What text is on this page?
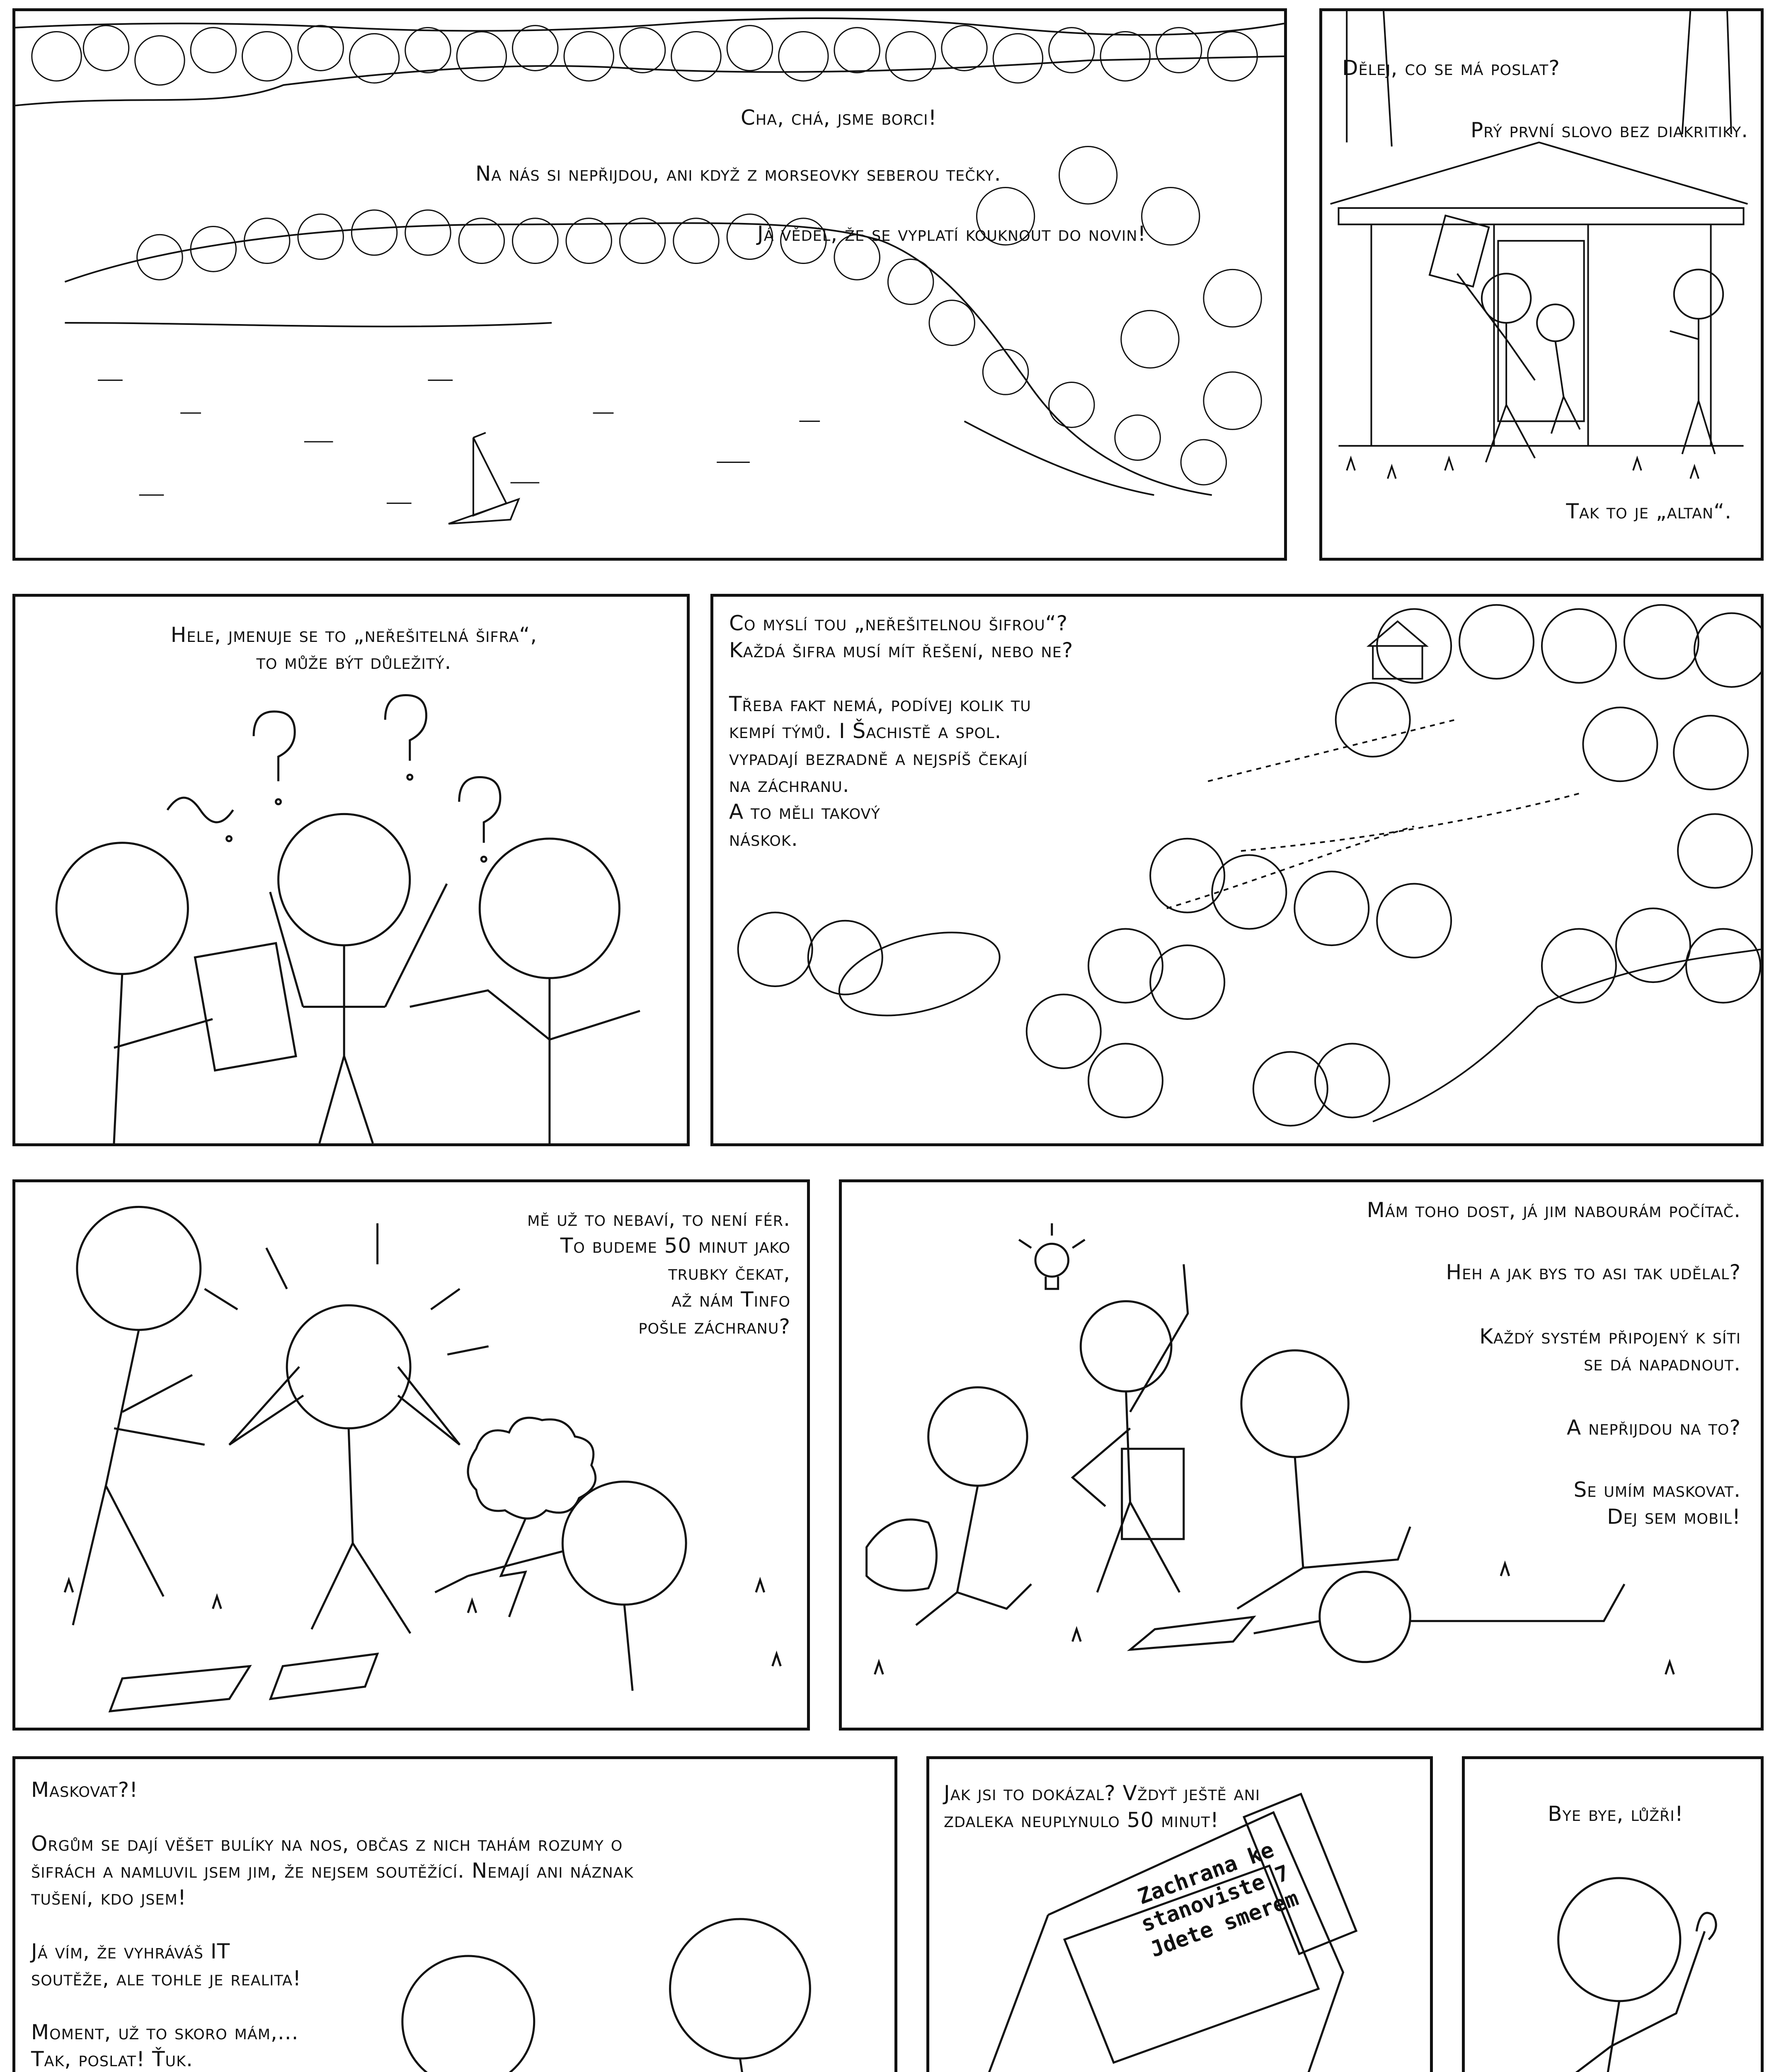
Cha, chá, jsme borci!
Na nás si nepřijdou, ani když z morseovky seberou tečky.
Já věděl, že se vyplatí kouknout do novin!
Dělej, co se má poslat?
Prý první slovo bez diakritiky.
Tak to je „altan“.
Hele, jmenuje se to „neřešitelná šifra“,
to může být důležitý.
Co myslí tou „neřešitelnou šifrou“?
Každá šifra musí mít řešení, nebo ne?

Třeba fakt nemá, podívej kolik tu
kempí týmů. I Šachistě a spol.
vypadají bezradně a nejspíš čekají
na záchranu.
A to měli takový
náskok.
mě už to nebaví, to není fér.
To budeme 50 minut jako
trubky čekat,
až nám Tinfo
pošle záchranu?
Mám toho dost, já jim nabourám počítač.
Heh a jak bys to asi tak udělal?
Každý systém připojený k síti
se dá napadnout.
A nepřijdou na to?
Se umím maskovat.
Dej sem mobil!
Maskovat?!

Orgům se dají věšet bulíky na nos, občas z nich tahám rozumy o
šifrách a namluvil jsem jim, že nejsem soutěžící. Nemají ani náznak
tušení, kdo jsem!

Já vím, že vyhráváš IT
soutěže, ale tohle je realita!

Moment, už to skoro mám,...
Tak, poslat! Ťuk.
Jak jsi to dokázal? Vždyť ještě ani
zdaleka neuplynulo 50 minut!
Zachrana ke
stanoviste 7
Jdete smerem
Bye bye, lůžři!
